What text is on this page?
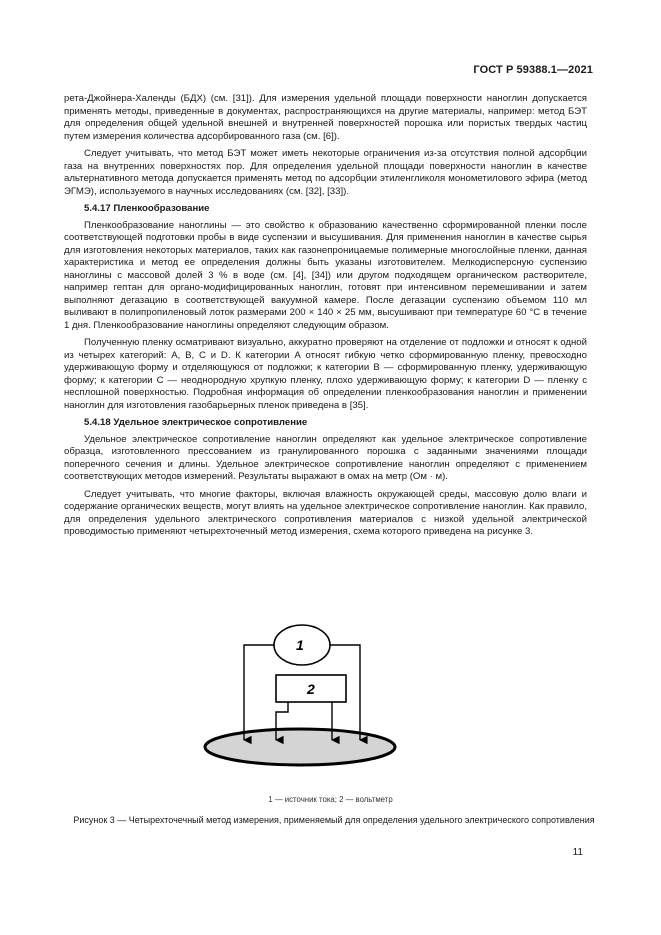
ГОСТ Р 59388.1—2021

рета-Джойнера-Халенды (БДХ) (см. [31]). Для измерения удельной площади поверхности наноглин допускается применять методы, приведенные в документах, распространяющихся на другие материалы, например: метод БЭТ для определения общей удельной внешней и внутренней поверхностей порошка или пористых твердых частиц путем измерения количества адсорбированного газа (см. [6]).

Следует учитывать, что метод БЭТ может иметь некоторые ограничения из-за отсутствия полной адсорбции газа на внутренних поверхностях пор. Для определения удельной площади поверхности наноглин в качестве альтернативного метода допускается применять метод по адсорбции этиленгликоля монометилового эфира (метод ЭГМЭ), используемого в научных исследованиях (см. [32], [33]).

5.4.17 Пленкообразование

Пленкообразование наноглины — это свойство к образованию качественно сформированной пленки после соответствующей подготовки пробы в виде суспензии и высушивания. Для применения наноглин в качестве сырья для изготовления некоторых материалов, таких как газонепроницаемые полимерные многослойные пленки, данная характеристика и метод ее определения должны быть указаны изготовителем. Мелкодисперсную суспензию наноглины с массовой долей 3 % в воде (см. [4], [34]) или другом подходящем органическом растворителе, например гептан для органо-модифицированных наноглин, готовят при интенсивном перемешивании и затем выполняют дегазацию в соответствующей вакуумной камере. После дегазации суспензию объемом 110 мл выливают в полипропиленовый лоток размерами 200 × 140 × 25 мм, высушивают при температуре 60 °С в течение 1 дня. Пленкообразование наноглины определяют следующим образом.

Полученную пленку осматривают визуально, аккуратно проверяют на отделение от подложки и относят к одной из четырех категорий: А, В, С и D. К категории А относят гибкую четко сформированную пленку, превосходно удерживающую форму и отделяющуюся от подложки; к категории В — сформированную пленку, удерживающую форму; к категории С — неоднородную хрупкую пленку, плохо удерживающую форму; к категории D — пленку с несплошной поверхностью. Подробная информация об определении пленкообразования наноглин и применении наноглин для изготовления газобарьерных пленок приведена в [35].

5.4.18 Удельное электрическое сопротивление

Удельное электрическое сопротивление наноглин определяют как удельное электрическое сопротивление образца, изготовленного прессованием из гранулированного порошка с заданными значениями площади поперечного сечения и длины. Удельное электрическое сопротивление наноглин определяют с применением соответствующих методов измерений. Результаты выражают в омах на метр (Ом · м).

Следует учитывать, что многие факторы, включая влажность окружающей среды, массовую долю влаги и содержание органических веществ, могут влиять на удельное электрическое сопротивление наноглин. Как правило, для определения удельного электрического сопротивления материалов с низкой удельной электрической проводимостью применяют четырехточечный метод измерения, схема которого приведена на рисунке 3.

1
2
1 — источник тока; 2 — вольтметр
Рисунок 3 — Четырехточечный метод измерения, применяемый для определения удельного электрического сопротивления
11
